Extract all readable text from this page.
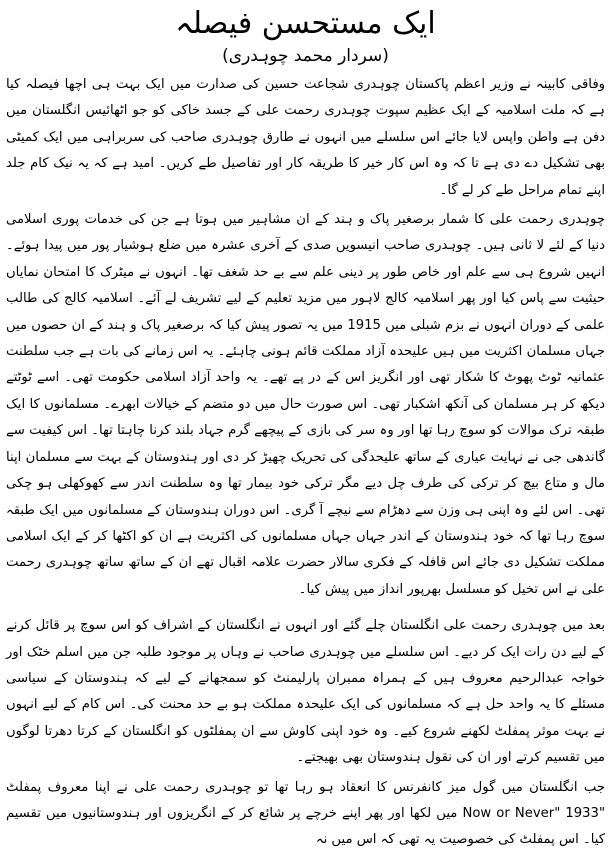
ایک مستحسن فیصلہ
(سردار محمد چوہدری)

وفاقی کابینہ نے وزیر اعظم پاکستان چوہدری شجاعت حسین کی صدارت میں ایک بہت ہی اچھا فیصلہ کیا ہے کہ ملت اسلامیہ کے ایک عظیم سپوت چوہدری رحمت علی کے جسد خاکی کو جو اٹھائیس انگلستان میں دفن ہے واطن واپس لایا جائے اس سلسلے میں انہوں نے طارق چوہدری صاحب کی سربراہی میں ایک کمیٹی بھی تشکیل دے دی ہے تا کہ وہ اس کار خیر کا طریقہ کار اور تفاصیل طے کریں۔ امید ہے کہ یہ نیک کام جلد اپنے تمام مراحل طے کر لے گا۔

چوہدری رحمت علی کا شمار برصغیر پاک و ہند کے ان مشاہیر میں ہوتا ہے جن کی خدمات پوری اسلامی دنیا کے لئے لا ثانی ہیں۔ چوہدری صاحب انیسویں صدی کے آخری عشرہ میں ضلع ہوشیار پور میں پیدا ہوئے۔ انہیں شروع ہی سے علم اور خاص طور پر دینی علم سے بے حد شغف تھا۔ انہوں نے میٹرک کا امتحان نمایاں حیثیت سے پاس کیا اور پھر اسلامیہ کالج لاہور میں مزید تعلیم کے لیے تشریف لے آئے۔ اسلامیہ کالج کی طالب علمی کے دوران انہوں نے بزم شبلی میں 1915 میں یہ تصور پیش کیا کہ برصغیر پاک و ہند کے ان حصوں میں جہاں مسلمان اکثریت میں ہیں علیحدہ آزاد مملکت قائم ہونی چاہئے۔ یہ اس زمانے کی بات ہے جب سلطنت عثمانیہ ٹوٹ پھوٹ کا شکار تھی اور انگریز اس کے در پے تھے۔ یہ واحد آزاد اسلامی حکومت تھی۔ اسے ٹوٹتے دیکھ کر ہر مسلمان کی آنکھ اشکبار تھی۔ اس صورت حال میں دو متضم کے خیالات ابھرے۔ مسلمانوں کا ایک طبقہ ترک موالات کو سوچ رہا تھا اور وہ سر کی بازی کے پیچھے گرم جہاد بلند کرنا چاہتا تھا۔ اس کیفیت سے گاندھی جی نے نہایت عیاری کے ساتھ علیحدگی کی تحریک چھیڑ کر دی اور ہندوستان کے بہت سے مسلمان اپنا مال و متاع بیچ کر ترکی کی طرف چل دیے مگر ترکی خود بیمار تھا وہ سلطنت اندر سے کھوکھلی ہو چکی تھی۔ اس لئے وہ اپنی ہی وزن سے دھڑام سے نیچے آ گری۔ اس دوران ہندوستان کے مسلمانوں میں ایک طبقہ سوچ رہا تھا کہ خود ہندوستان کے اندر جہاں جہاں مسلمانوں کی اکثریت ہے ان کو اکٹھا کر کے ایک اسلامی مملکت تشکیل دی جائے اس قافلہ کے فکری سالار حضرت علامہ اقبال تھے ان کے ساتھ ساتھ چوہدری رحمت علی نے اس تخیل کو مسلسل بھرپور انداز میں پیش کیا۔

بعد میں چوہدری رحمت علی انگلستان چلے گئے اور انہوں نے انگلستان کے اشراف کو اس سوچ پر قائل کرنے کے لیے دن رات ایک کر دیے۔ اس سلسلے میں چوہدری صاحب نے وہاں پر موجود طلبہ جن میں اسلم خٹک اور خواجہ عبدالرحیم معروف ہیں کے ہمراہ ممبران پارلیمنٹ کو سمجھانے کے لیے کہ ہندوستان کے سیاسی مسئلے کا یہ واحد حل ہے کہ مسلمانوں کی ایک علیحدہ مملکت ہو بے حد محنت کی۔ اس کام کے لیے انہوں نے بہت موثر پمفلٹ لکھنے شروع کیے۔ وہ خود اپنی کاوش سے ان پمفلٹوں کو انگلستان کے کرتا دھرتا لوگوں میں تقسیم کرتے اور ان کی نقول ہندوستان بھی بھیجتے۔

جب انگلستان میں گول میز کانفرنس کا انعقاد ہو رہا تھا تو چوہدری رحمت علی نے اپنا معروف پمفلٹ "Now or Never" 1933 میں لکھا اور پھر اپنے خرچے پر شائع کر کے انگریزوں اور ہندوستانیوں میں تقسیم کیا۔ اس پمفلٹ کی خصوصیت یہ تھی کہ اس میں نہ
